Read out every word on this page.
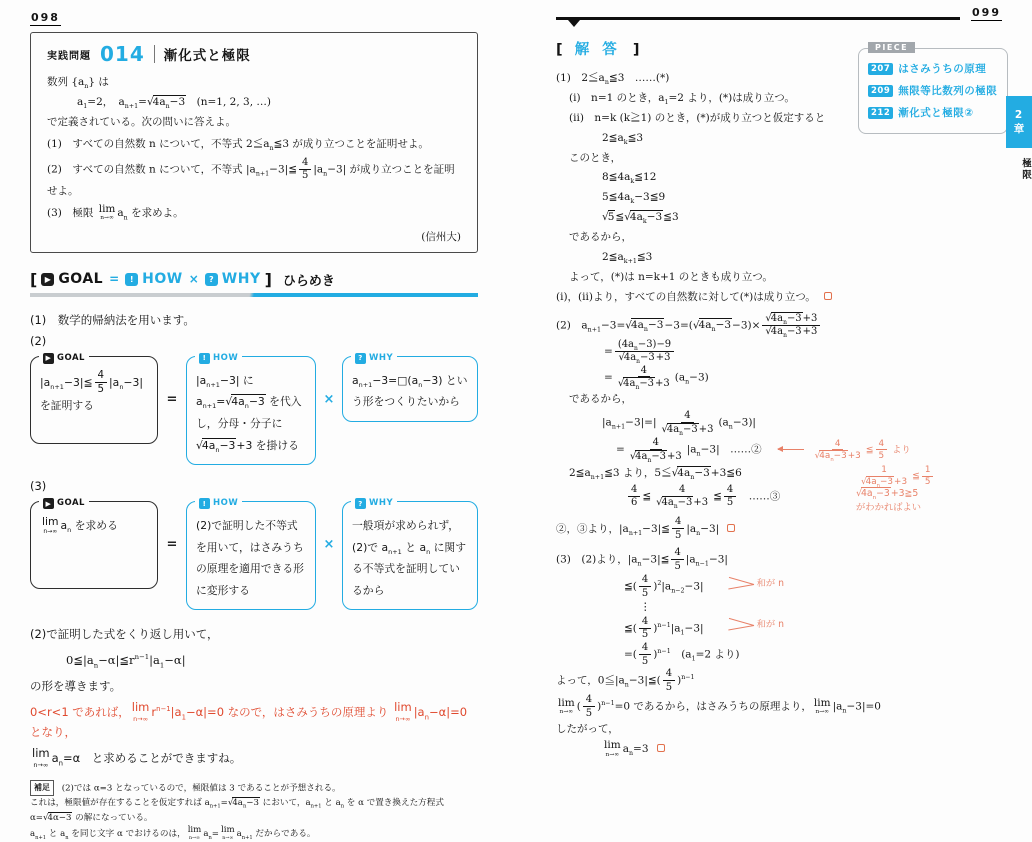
098
実践問題 014 漸化式と極限
数列 $\{a_n\}$ は
$a_1=2$，　$a_{n+1}=√4a_n-3$　(n=1, 2, 3, …)
で定義されている。次の問いに答えよ。
(1)　すべての自然数 n について，不等式 $2≦a_n≦3$ が成り立つことを証明せよ。
(2)　すべての自然数 n について，不等式 $|a_{n+1}-3|≦ \frac{4}{5} |a_n-3|$ が成り立つことを証明せよ。
(3)　極限 lim
n→∞ $a_n$ を求めよ。
(信州大)
[ ▶ GOAL =	! HOW ×	? WHY ] ひらめき
(1)　数学的帰納法を用います。
(2)
▶ GOAL
$|a_{n+1}-3|≦ \frac{4}{5} |a_n-3|$ を証明する	=
! HOW
$|a_{n+1}-3|$ に $a_{n+1}=√4a_n-3$ を代入し，分母・分子に $√4a_n-3+3$ を掛ける
×
? WHY
$a_{n+1}-3=□(a_n-3)$ という形をつくりたいから
(3)
▶ GOAL
lim
n→∞ $a_n$ を求める
=
! HOW
(2)で証明した不等式を用いて，はさみうちの原理を適用できる形に変形する
×
? WHY
一般項が求められず，(2)で $a_{n+1}$ と $a_n$ に関する不等式を証明しているから
(2)で証明した式をくり返し用いて，
$0≦|a_n-\alpha|≦r^{n-1}|a_1-\alpha|$
の形を導きます。
0<r<1 であれば， lim
n→∞
$r^{n-1}|a_1-\alpha|=0$ なので，はさみうちの原理より lim
n→∞
$|a_n-\alpha|=0$ となり，
lim
n→∞
$a_n=\alpha$　と求めることができますね。
補足 (2)では α=3 となっているので，極限値は 3 であることが予想される。
これは，極限値が存在することを仮定すれば $a_{n+1}=√4a_n-3$ において，$a_{n+1}$ と $a_n$ を α で置き換えた方程式 α=√4α−3 の解になっている。
$a_{n+1}$ と $a_n$ を同じ文字 α でおけるのは， lim
n→∞ $a_n= \lim$
n→∞ $a_{n+1}$ だからである。
099
[ 解 答 ]	PIECE
207 はさみうちの原理
209 無限等比数列の極限
212 漸化式と極限②
(1)　$2≦a_n≦3$　……(*)
(i)　n=1 のとき，$a_1=2$ より，(*)は成り立つ。
(ii)　n=k (k≧1) のとき，(*)が成り立つと仮定すると
$2≦a_k≦3$
このとき，
$8≦4a_k≦12$
$5≦4a_k-3≦9$
$√5≦√4a_k-3≦3$
であるから，
$2≦a_{k+1}≦3$
よって，(*)は n=k+1 のときも成り立つ。
(i)，(ii)より，すべての自然数に対して(*)は成り立つ。
(2)　$a_{n+1}-3=√4a_n-3-3=(√4a_n-3-3)\times \frac{√4a_n-3+3}{√4a_n-3+3}$
= $\frac{(4a_n-3)-9}{√4a_n-3+3}$
= $\frac{4}{√4a_n-3+3} (a_n-3)$
であるから，
$|a_{n+1}-3|=| \frac{4}{√4a_n-3+3} (a_n-3)|$
= $\frac{4}{√4a_n-3+3} |a_n-3|$　……②	$\frac{4}{√4a_n-3+3}$ ≦ $\frac{4}{5}$ より
$2≦a_{n+1}≦3$ より，$5≦√4a_n-3+3≦6$
$\frac{4}{6}$ ≦ $\frac{4}{√4a_n-3+3}$ ≦ $\frac{4}{5}$ 　……③
$\frac{1}{√4a_n-3+3}$ ≦ $\frac{1}{5}$
$√4a_n-3+3≧5$
がわかればよい
②，③より，$|a_{n+1}-3|≦ \frac{4}{5} |a_n-3|$
(3)　(2)より，$|a_n-3|≦ \frac{4}{5} |a_{n-1}-3|$
≦( $\frac{4}{5} )^2|a_{n-2}-3|$	和が n
⋮
≦( $\frac{4}{5} )^{n-1}|a_1-3|$	和が n
=( $\frac{4}{5} )^{n-1}$　($a_1=2$ より)
よって，$0≦|a_n-3|≦( \frac{4}{5} )^{n-1}$
lim
n→∞ ( $\frac{4}{5} )^{n-1}=0$ であるから，はさみうちの原理より， lim
n→∞ $|a_n-3|=0$
したがって，
lim
n→∞ $a_n=3$
2章
極限
